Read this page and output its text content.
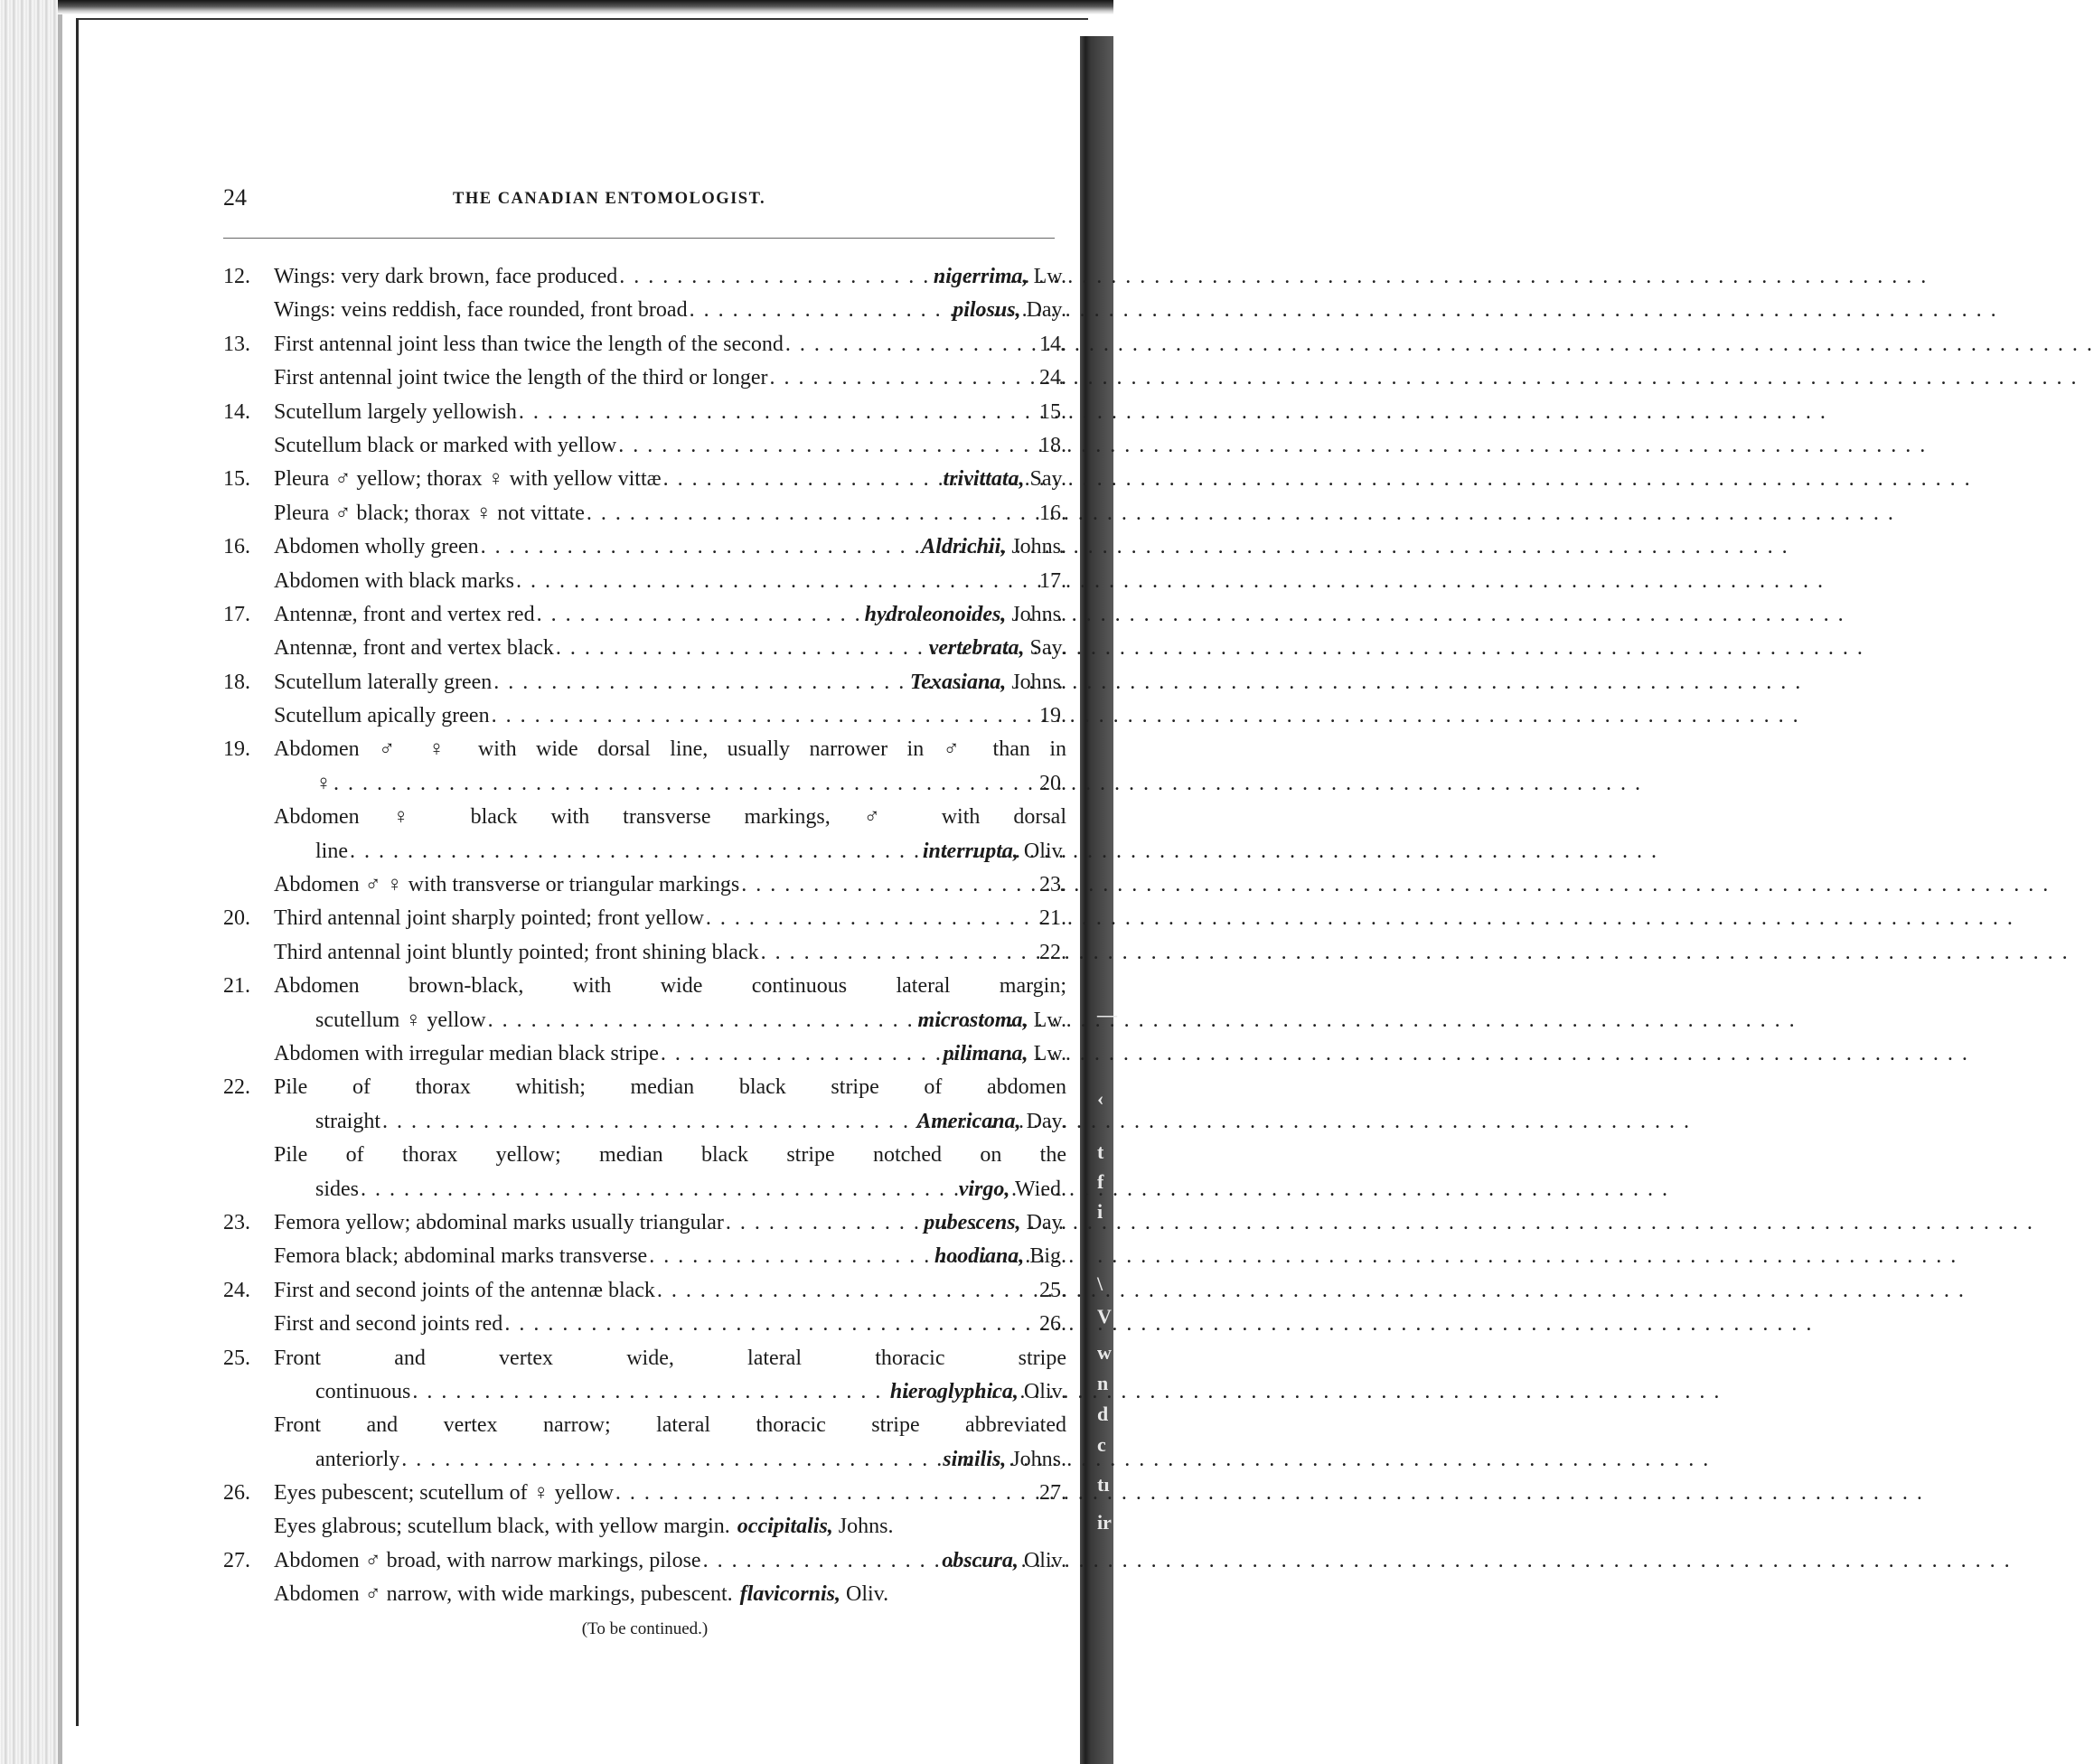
—
‹
t
f
i
\
V
w
n
d
c
tı
ir
24	THE CANADIAN ENTOMOLOGIST.
12.	Wings: very dark brown, face produced . . .	nigerrima, Lw.
Wings: veins reddish, face rounded, front broad . . .	pilosus, Day.
13.	First antennal joint less than twice the length of the second . . .	14.
First antennal joint twice the length of the third or longer . . .	24.
14.	Scutellum largely yellowish . . .	15.
Scutellum black or marked with yellow . . .	18.
15.	Pleura ♂ yellow; thorax ♀ with yellow vittæ . . .	trivittata, Say.
Pleura ♂ black; thorax ♀ not vittate . . .	16.
16.	Abdomen wholly green . . .	Aldrichii, Johns.
Abdomen with black marks . . .	17.
17.	Antennæ, front and vertex red . . .	hydroleonoides, Johns.
Antennæ, front and vertex black . . .	vertebrata, Say.
18.	Scutellum laterally green . . .	Texasiana, Johns.
Scutellum apically green . . .	19.
19.	Abdomen ♂ ♀ with wide dorsal line, usually narrower in ♂ than in
♀ . . .	20.
Abdomen ♀ black with transverse markings, ♂ with dorsal
line . . .	interrupta, Oliv.
Abdomen ♂ ♀ with transverse or triangular markings . . .	23.
20.	Third antennal joint sharply pointed; front yellow . . .	21.
Third antennal joint bluntly pointed; front shining black . . .	22.
21.	Abdomen brown-black, with wide continuous lateral margin;
scutellum ♀ yellow . . .	microstoma, Lw.
Abdomen with irregular median black stripe . . .	pilimana, Lw.
22.	Pile of thorax whitish; median black stripe of abdomen
straight . . .	Americana, Day.
Pile of thorax yellow; median black stripe notched on the
sides . . .	virgo, Wied.
23.	Femora yellow; abdominal marks usually triangular . . .	pubescens, Day.
Femora black; abdominal marks transverse . . .	hoodiana, Big.
24.	First and second joints of the antennæ black . . .	25.
First and second joints red . . .	26.
25.	Front and vertex wide, lateral thoracic stripe
continuous . . .	hieroglyphica, Oliv.
Front and vertex narrow; lateral thoracic stripe abbreviated
anteriorly . . .	similis, Johns.
26.	Eyes pubescent; scutellum of ♀ yellow . . .	27.
Eyes glabrous; scutellum black, with yellow margin. occipitalis, Johns.
27.	Abdomen ♂ broad, with narrow markings, pilose . . .	obscura, Oliv.
Abdomen ♂ narrow, with wide markings, pubescent. flavicornis, Oliv.
(To be continued.)
